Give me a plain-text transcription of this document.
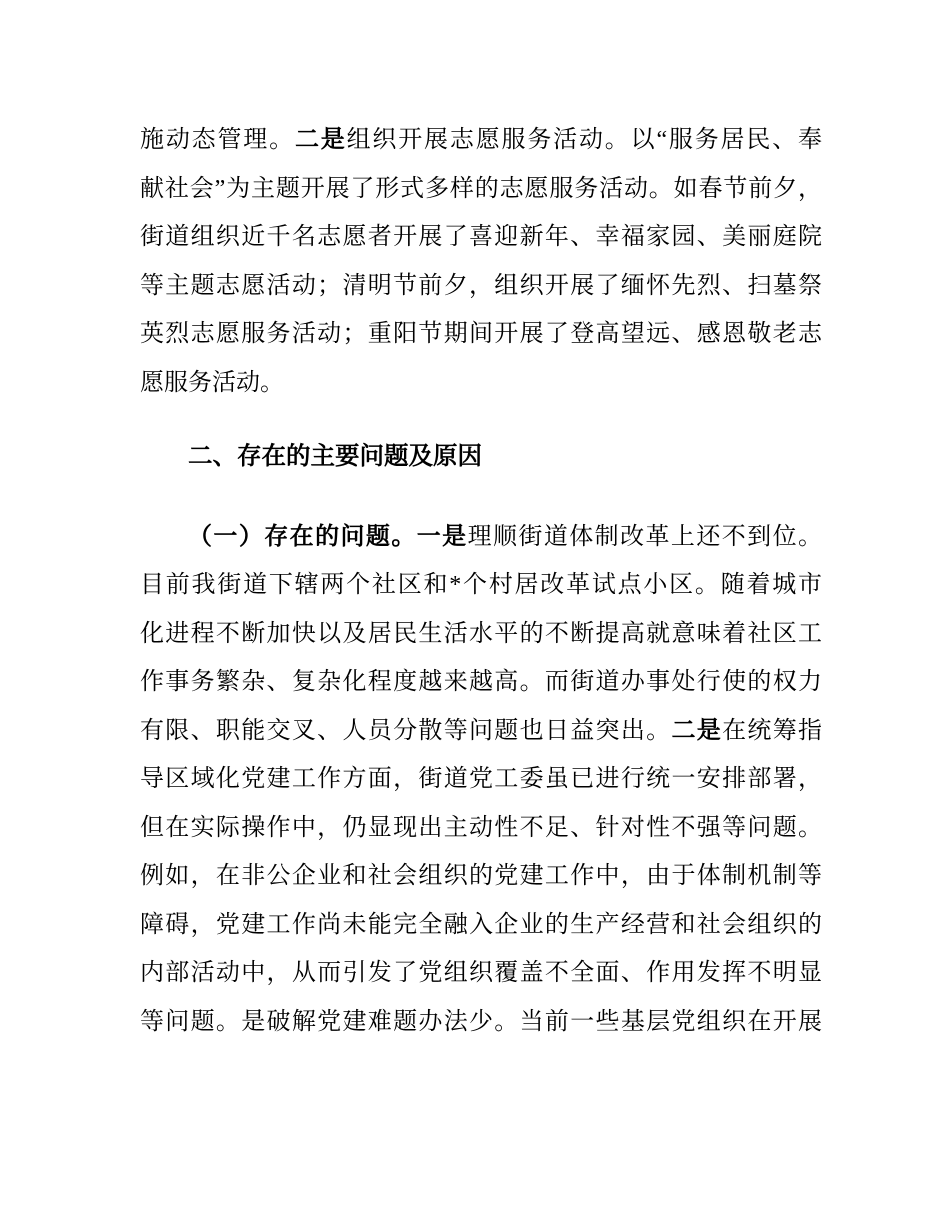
施动态管理。二是组织开展志愿服务活动。以“服务居民、奉
献社会”为主题开展了形式多样的志愿服务活动。如春节前夕，
街道组织近千名志愿者开展了喜迎新年、幸福家园、美丽庭院
等主题志愿活动；清明节前夕，组织开展了缅怀先烈、扫墓祭
英烈志愿服务活动；重阳节期间开展了登高望远、感恩敬老志
愿服务活动。
二、存在的主要问题及原因
（一）存在的问题。一是理顺街道体制改革上还不到位。
目前我街道下辖两个社区和*个村居改革试点小区。随着城市
化进程不断加快以及居民生活水平的不断提高就意味着社区工
作事务繁杂、复杂化程度越来越高。而街道办事处行使的权力
有限、职能交叉、人员分散等问题也日益突出。二是在统筹指
导区域化党建工作方面，街道党工委虽已进行统一安排部署，
但在实际操作中，仍显现出主动性不足、针对性不强等问题。
例如，在非公企业和社会组织的党建工作中，由于体制机制等
障碍，党建工作尚未能完全融入企业的生产经营和社会组织的
内部活动中，从而引发了党组织覆盖不全面、作用发挥不明显
等问题。是破解党建难题办法少。当前一些基层党组织在开展
